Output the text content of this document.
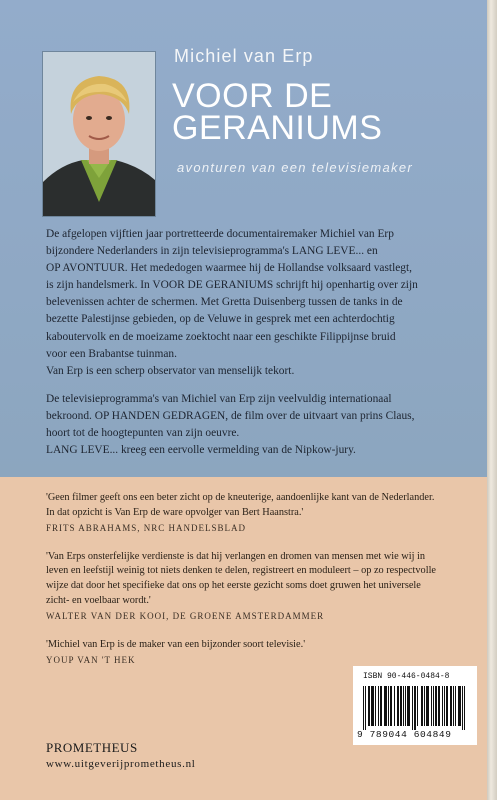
Michiel van Erp
VOOR DE
GERANIUMS
avonturen van een televisiemaker

De afgelopen vijftien jaar portretteerde documentairemaker Michiel van Erp
bijzondere Nederlanders in zijn televisieprogramma's LANG LEVE... en
OP AVONTUUR. Het mededogen waarmee hij de Hollandse volksaard vastlegt,
is zijn handelsmerk. In VOOR DE GERANIUMS schrijft hij openhartig over zijn
belevenissen achter de schermen. Met Gretta Duisenberg tussen de tanks in de
bezette Palestijnse gebieden, op de Veluwe in gesprek met een achterdochtig
kaboutervolk en de moeizame zoektocht naar een geschikte Filippijnse bruid
voor een Brabantse tuinman.
Van Erp is een scherp observator van menselijk tekort.

De televisieprogramma's van Michiel van Erp zijn veelvuldig internationaal
bekroond. OP HANDEN GEDRAGEN, de film over de uitvaart van prins Claus,
hoort tot de hoogtepunten van zijn oeuvre.
LANG LEVE... kreeg een eervolle vermelding van de Nipkow-jury.

'Geen filmer geeft ons een beter zicht op de kneuterige, aandoenlijke kant van de Nederlander.
In dat opzicht is Van Erp de ware opvolger van Bert Haanstra.'
FRITS ABRAHAMS, NRC HANDELSBLAD
'Van Erps onsterfelijke verdienste is dat hij verlangen en dromen van mensen met wie wij in
leven en leefstijl weinig tot niets denken te delen, registreert en moduleert – op zo respectvolle
wijze dat door het specifieke dat ons op het eerste gezicht soms doet gruwen het universele
zicht- en voelbaar wordt.'
WALTER VAN DER KOOI, DE GROENE AMSTERDAMMER
'Michiel van Erp is de maker van een bijzonder soort televisie.'
YOUP VAN 'T HEK
ISBN 90-446-0484-8
9 789044 604849
PROMETHEUS
www.uitgeverijprometheus.nl
